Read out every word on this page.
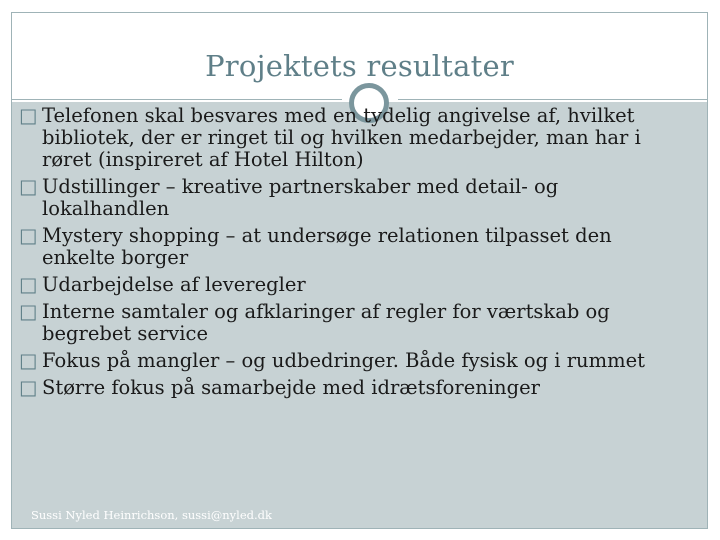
Projektets resultater
□ Telefonen skal besvares med en tydelig angivelse af, hvilket bibliotek, der er ringet til og hvilken medarbejder, man har i røret (inspireret af Hotel Hilton)
□ Udstillinger – kreative partnerskaber med detail- og lokalhandlen
□ Mystery shopping – at undersøge relationen tilpasset den enkelte borger
□ Udarbejdelse af leveregler
□ Interne samtaler og afklaringer af regler for værtskab og begrebet service
□ Fokus på mangler – og udbedringer. Både fysisk og i rummet
□ Større fokus på samarbejde med idrætsforeninger
Sussi Nyled Heinrichson, sussi@nyled.dk
